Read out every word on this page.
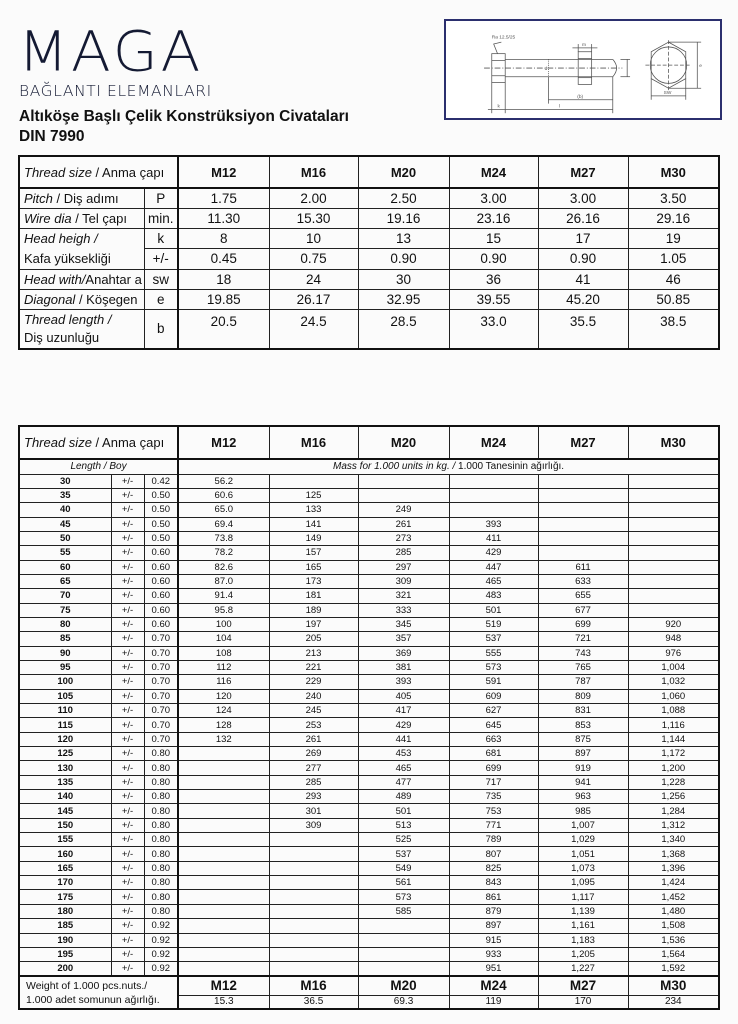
MAGA
BAĞLANTI ELEMANLARI
Altıköşe Başlı Çelik Konstrüksiyon Civataları
DIN 7990
Ra 12.5/25
k	l
(b)
m
d
e
SW
Thread size / Anma çapı		M12	M16	M20	M24	M27	M30
Pitch / Diş adımı	P	1.75	2.00	2.50	3.00	3.00	3.50
Wire dia / Tel çapı	min.	11.30	15.30	19.16	23.16	26.16	29.16
Head heigh /
Kafa yüksekliği	k	8	10	13	15	17	19
	+/-	0.45	0.75	0.90	0.90	0.90	1.05
Head with/Anahtar a	sw	18	24	30	36	41	46
Diagonal / Köşegen	e	19.85	26.17	32.95	39.55	45.20	50.85
Thread length /
Diş uzunluğu	b	20.5	24.5	28.5	33.0	35.5	38.5
Thread size / Anma çapı			M12	M16	M20	M24	M27	M30
Length / Boy			Mass for 1.000 units in kg. / 1.000 Tanesinin ağırlığı.					
30	+/-	0.42	56.2					
35	+/-	0.50	60.6	125				
40	+/-	0.50	65.0	133	249			
45	+/-	0.50	69.4	141	261	393		
50	+/-	0.50	73.8	149	273	411		
55	+/-	0.60	78.2	157	285	429		
60	+/-	0.60	82.6	165	297	447	611	
65	+/-	0.60	87.0	173	309	465	633	
70	+/-	0.60	91.4	181	321	483	655	
75	+/-	0.60	95.8	189	333	501	677	
80	+/-	0.60	100	197	345	519	699	920
85	+/-	0.70	104	205	357	537	721	948
90	+/-	0.70	108	213	369	555	743	976
95	+/-	0.70	112	221	381	573	765	1,004
100	+/-	0.70	116	229	393	591	787	1,032
105	+/-	0.70	120	240	405	609	809	1,060
110	+/-	0.70	124	245	417	627	831	1,088
115	+/-	0.70	128	253	429	645	853	1,116
120	+/-	0.70	132	261	441	663	875	1,144
125	+/-	0.80		269	453	681	897	1,172
130	+/-	0.80		277	465	699	919	1,200
135	+/-	0.80		285	477	717	941	1,228
140	+/-	0.80		293	489	735	963	1,256
145	+/-	0.80		301	501	753	985	1,284
150	+/-	0.80		309	513	771	1,007	1,312
155	+/-	0.80			525	789	1,029	1,340
160	+/-	0.80			537	807	1,051	1,368
165	+/-	0.80			549	825	1,073	1,396
170	+/-	0.80			561	843	1,095	1,424
175	+/-	0.80			573	861	1,117	1,452
180	+/-	0.80			585	879	1,139	1,480
185	+/-	0.92				897	1,161	1,508
190	+/-	0.92				915	1,183	1,536
195	+/-	0.92				933	1,205	1,564
200	+/-	0.92				951	1,227	1,592
Weight of 1.000 pcs.nuts./
1.000 adet somunun ağırlığı.			M12	M16	M20	M24	M27	M30
			15.3	36.5	69.3	119	170	234
